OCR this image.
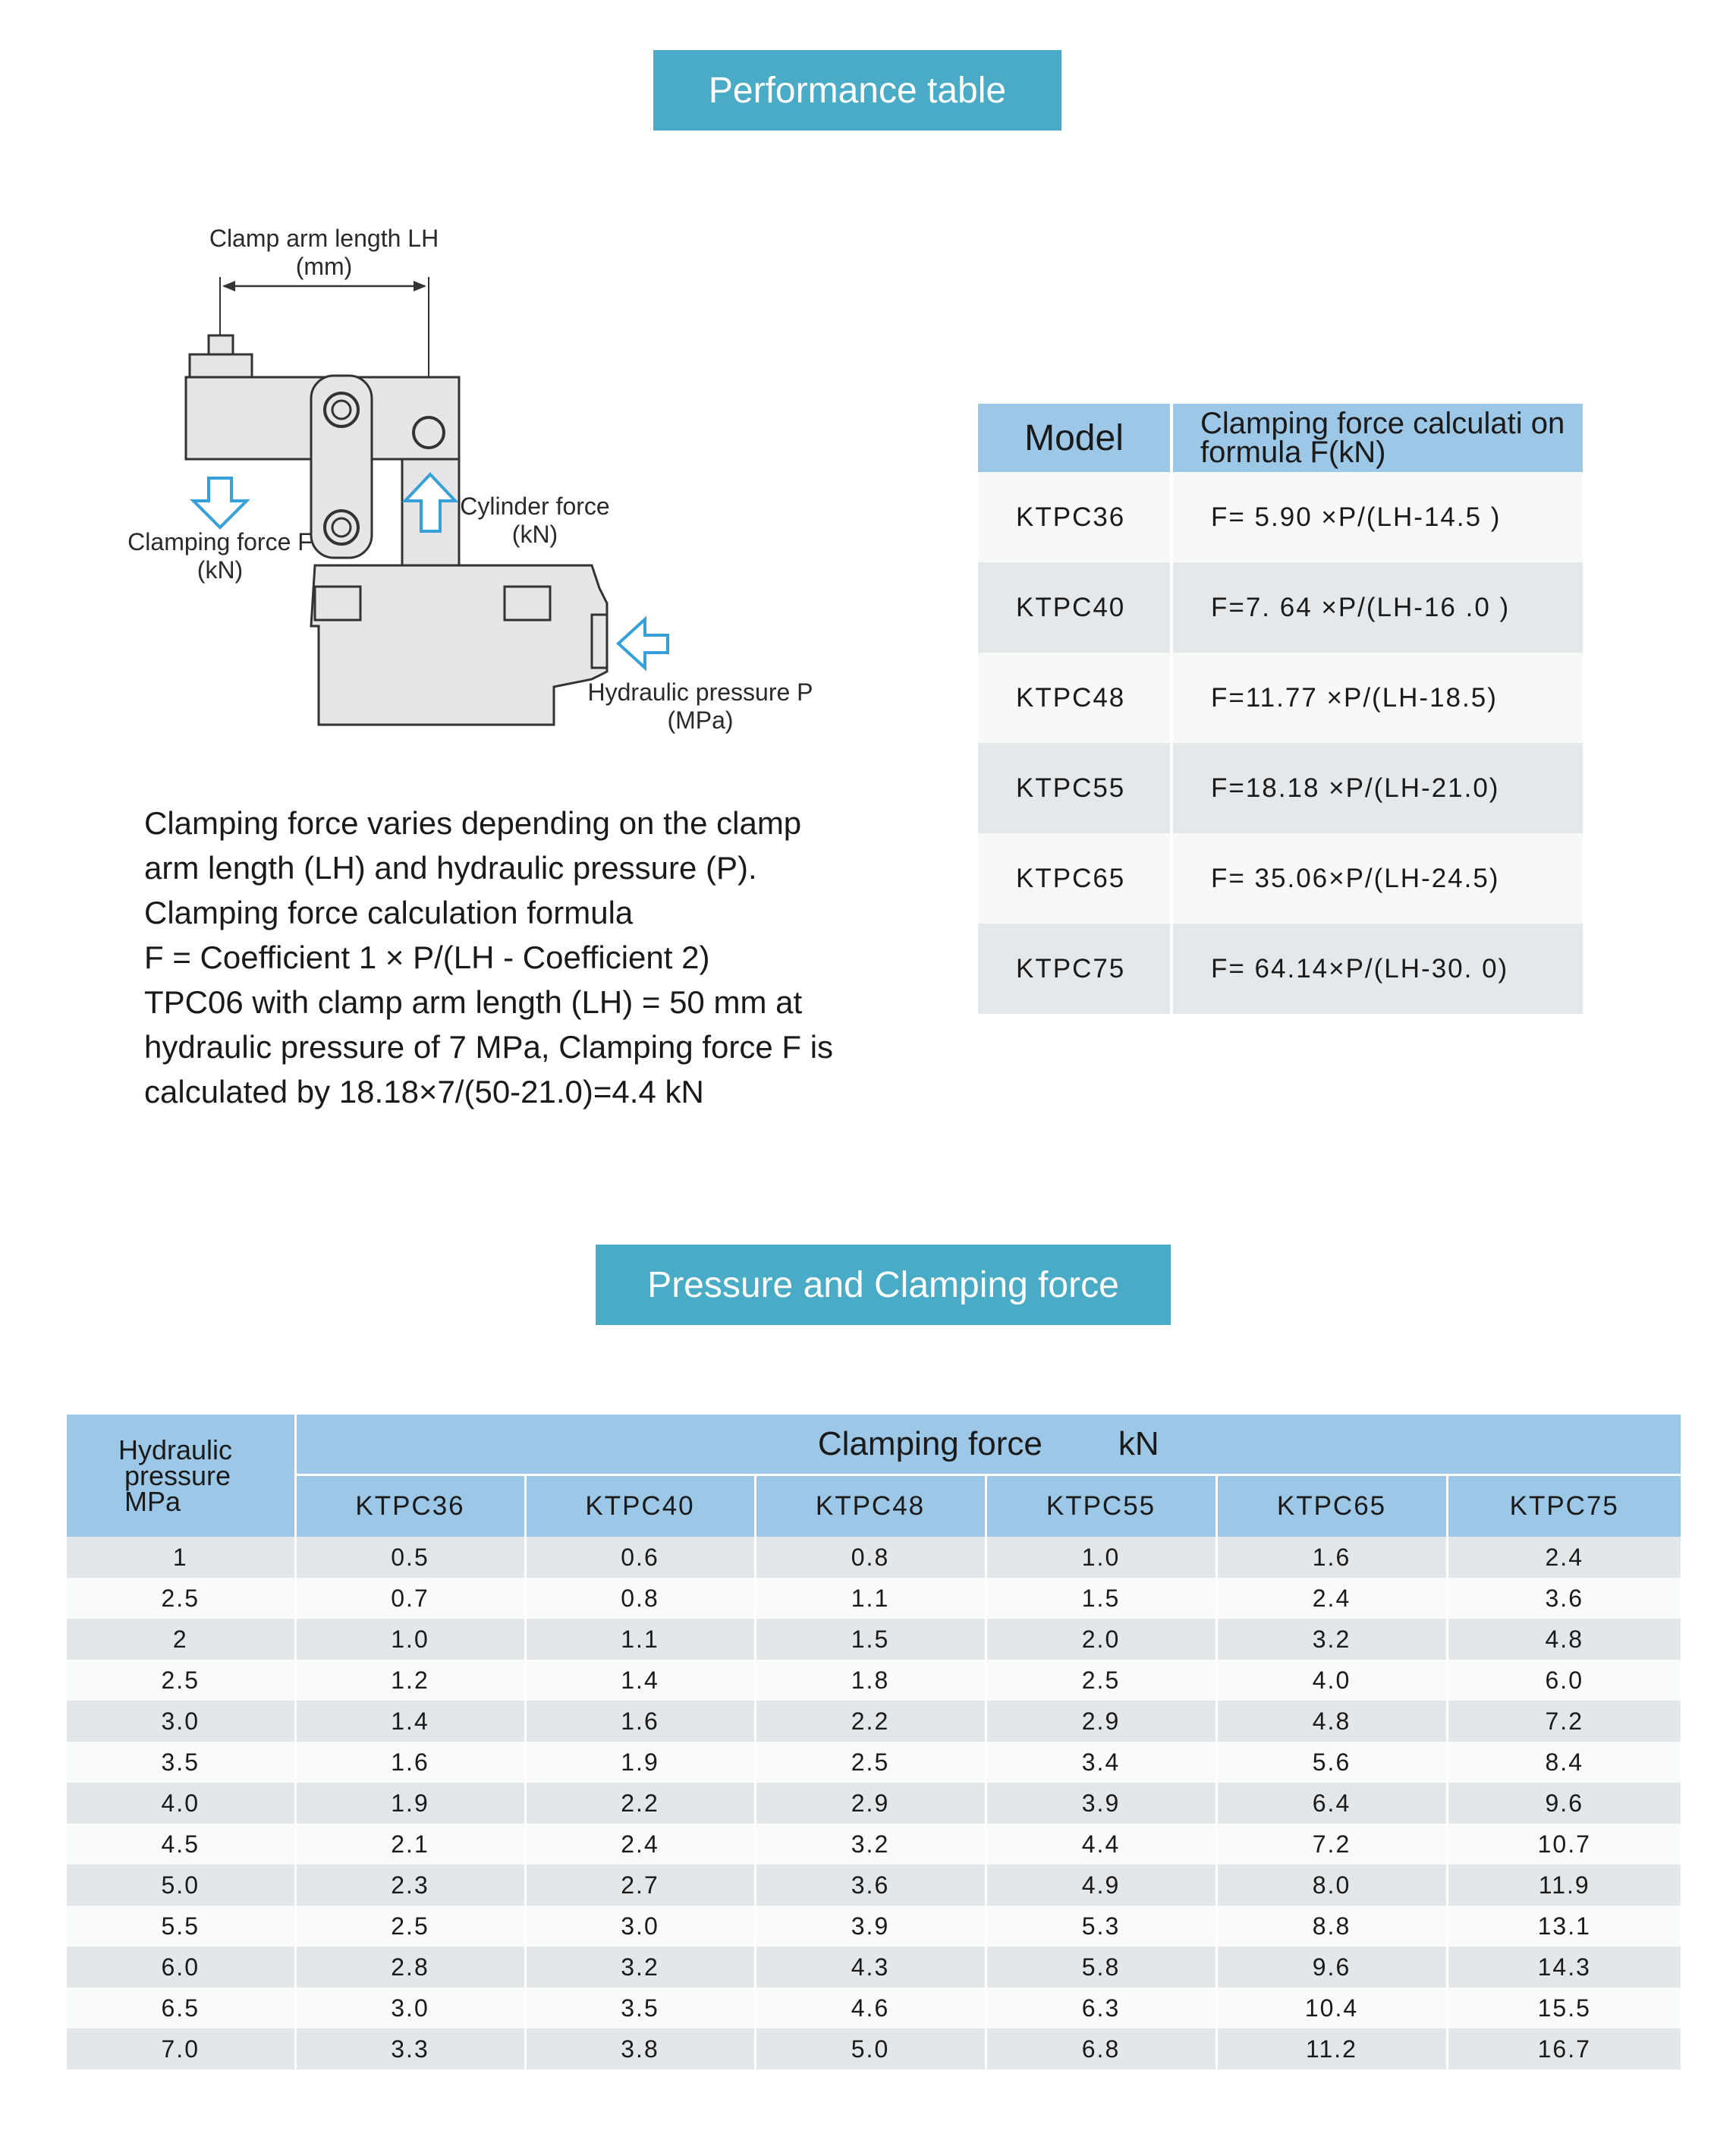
Performance table
Clamp arm length LH
(mm)
Clamping force F
(kN)
Cylinder force
(kN)
Hydraulic pressure P
(MPa)
Clamping force varies depending on the clamp
arm length (LH) and hydraulic pressure (P).
Clamping force calculation formula
F = Coefficient 1 × P/(LH - Coefficient 2)
TPC06 with clamp arm length (LH) = 50 mm at
hydraulic pressure of 7 MPa, Clamping force F is
calculated by 18.18×7/(50-21.0)=4.4 kN
Model	Clamping force calculati on
formula F(kN)

KTPC36	F= 5.90 ×P/(LH-14.5 )
KTPC40	F=7. 64 ×P/(LH-16 .0 )
KTPC48	F=11.77 ×P/(LH-18.5)
KTPC55	F=18.18 ×P/(LH-21.0)
KTPC65	F= 35.06×P/(LH-24.5)
KTPC75	F= 64.14×P/(LH-30. 0)
Pressure and Clamping force
Hydraulic
pressure
MPa	Clamping force kN					
	KTPC36	KTPC40	KTPC48	KTPC55	KTPC65	KTPC75
1	0.5	0.6	0.8	1.0	1.6	2.4
2.5	0.7	0.8	1.1	1.5	2.4	3.6
2	1.0	1.1	1.5	2.0	3.2	4.8
2.5	1.2	1.4	1.8	2.5	4.0	6.0
3.0	1.4	1.6	2.2	2.9	4.8	7.2
3.5	1.6	1.9	2.5	3.4	5.6	8.4
4.0	1.9	2.2	2.9	3.9	6.4	9.6
4.5	2.1	2.4	3.2	4.4	7.2	10.7
5.0	2.3	2.7	3.6	4.9	8.0	11.9
5.5	2.5	3.0	3.9	5.3	8.8	13.1
6.0	2.8	3.2	4.3	5.8	9.6	14.3
6.5	3.0	3.5	4.6	6.3	10.4	15.5
7.0	3.3	3.8	5.0	6.8	11.2	16.7
